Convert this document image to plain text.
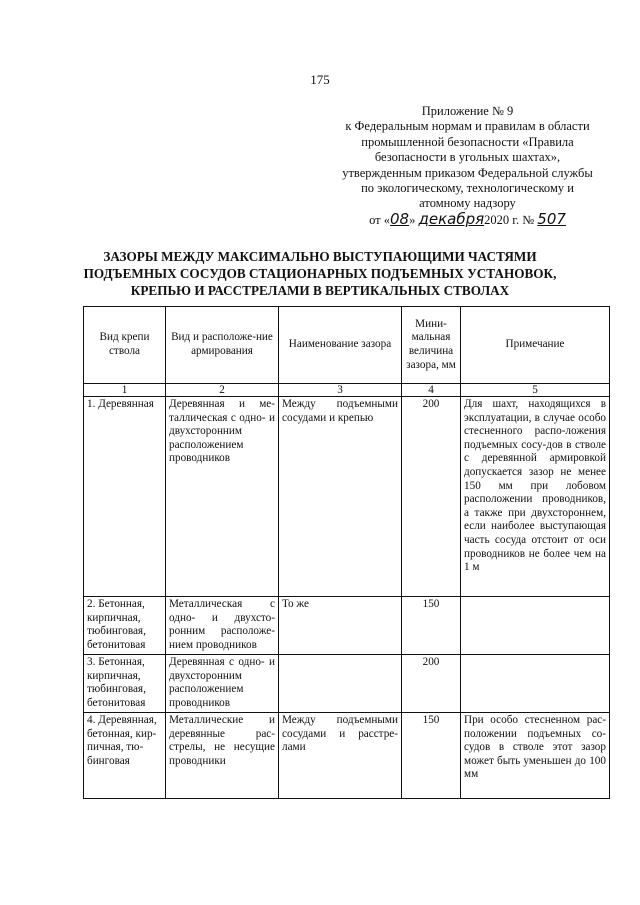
175
Приложение № 9
к Федеральным нормам и правилам в области
промышленной безопасности «Правила
безопасности в угольных шахтах»,
утвержденным приказом Федеральной службы
по экологическому, технологическому и
атомному надзору
от «08» декабря2020 г. № 507
ЗАЗОРЫ МЕЖДУ МАКСИМАЛЬНО ВЫСТУПАЮЩИМИ ЧАСТЯМИ
ПОДЪЕМНЫХ СОСУДОВ СТАЦИОНАРНЫХ ПОДЪЕМНЫХ УСТАНОВОК,
КРЕПЬЮ И РАССТРЕЛАМИ В ВЕРТИКАЛЬНЫХ СТВОЛАХ
Вид крепи ствола	Вид и расположе-ние армирования	Наименование зазора	Мини-мальная величина зазора, мм	Примечание
1	2	3	4	5
1. Деревянная	Деревянная и ме-таллическая с одно- и двухсторонним расположением проводников	Между подъемными сосудами и крепью	200	Для шахт, находящихся в эксплуатации, в случае особо стесненного распо-ложения подъемных сосу-дов в стволе с деревянной армировкой допускается зазор не менее 150 мм при лобовом расположении проводников, а также при двухстороннем, если наиболее выступающая часть сосуда отстоит от оси проводников не более чем на 1 м
2. Бетонная, кирпичная, тюбинговая, бетонитовая	Металлическая с одно- и двухсто-ронним расположе-нием проводников	То же	150	
3. Бетонная, кирпичная, тюбинговая, бетонитовая	Деревянная с одно- и двухсторонним расположением проводников		200	
4. Деревянная, бетонная, кир-пичная, тю-бинговая	Металлические и деревянные рас-стрелы, не несущие проводники	Между подъемными сосудами и расстре-лами	150	При особо стесненном рас-положении подъемных со-судов в стволе этот зазор может быть уменьшен до 100 мм
